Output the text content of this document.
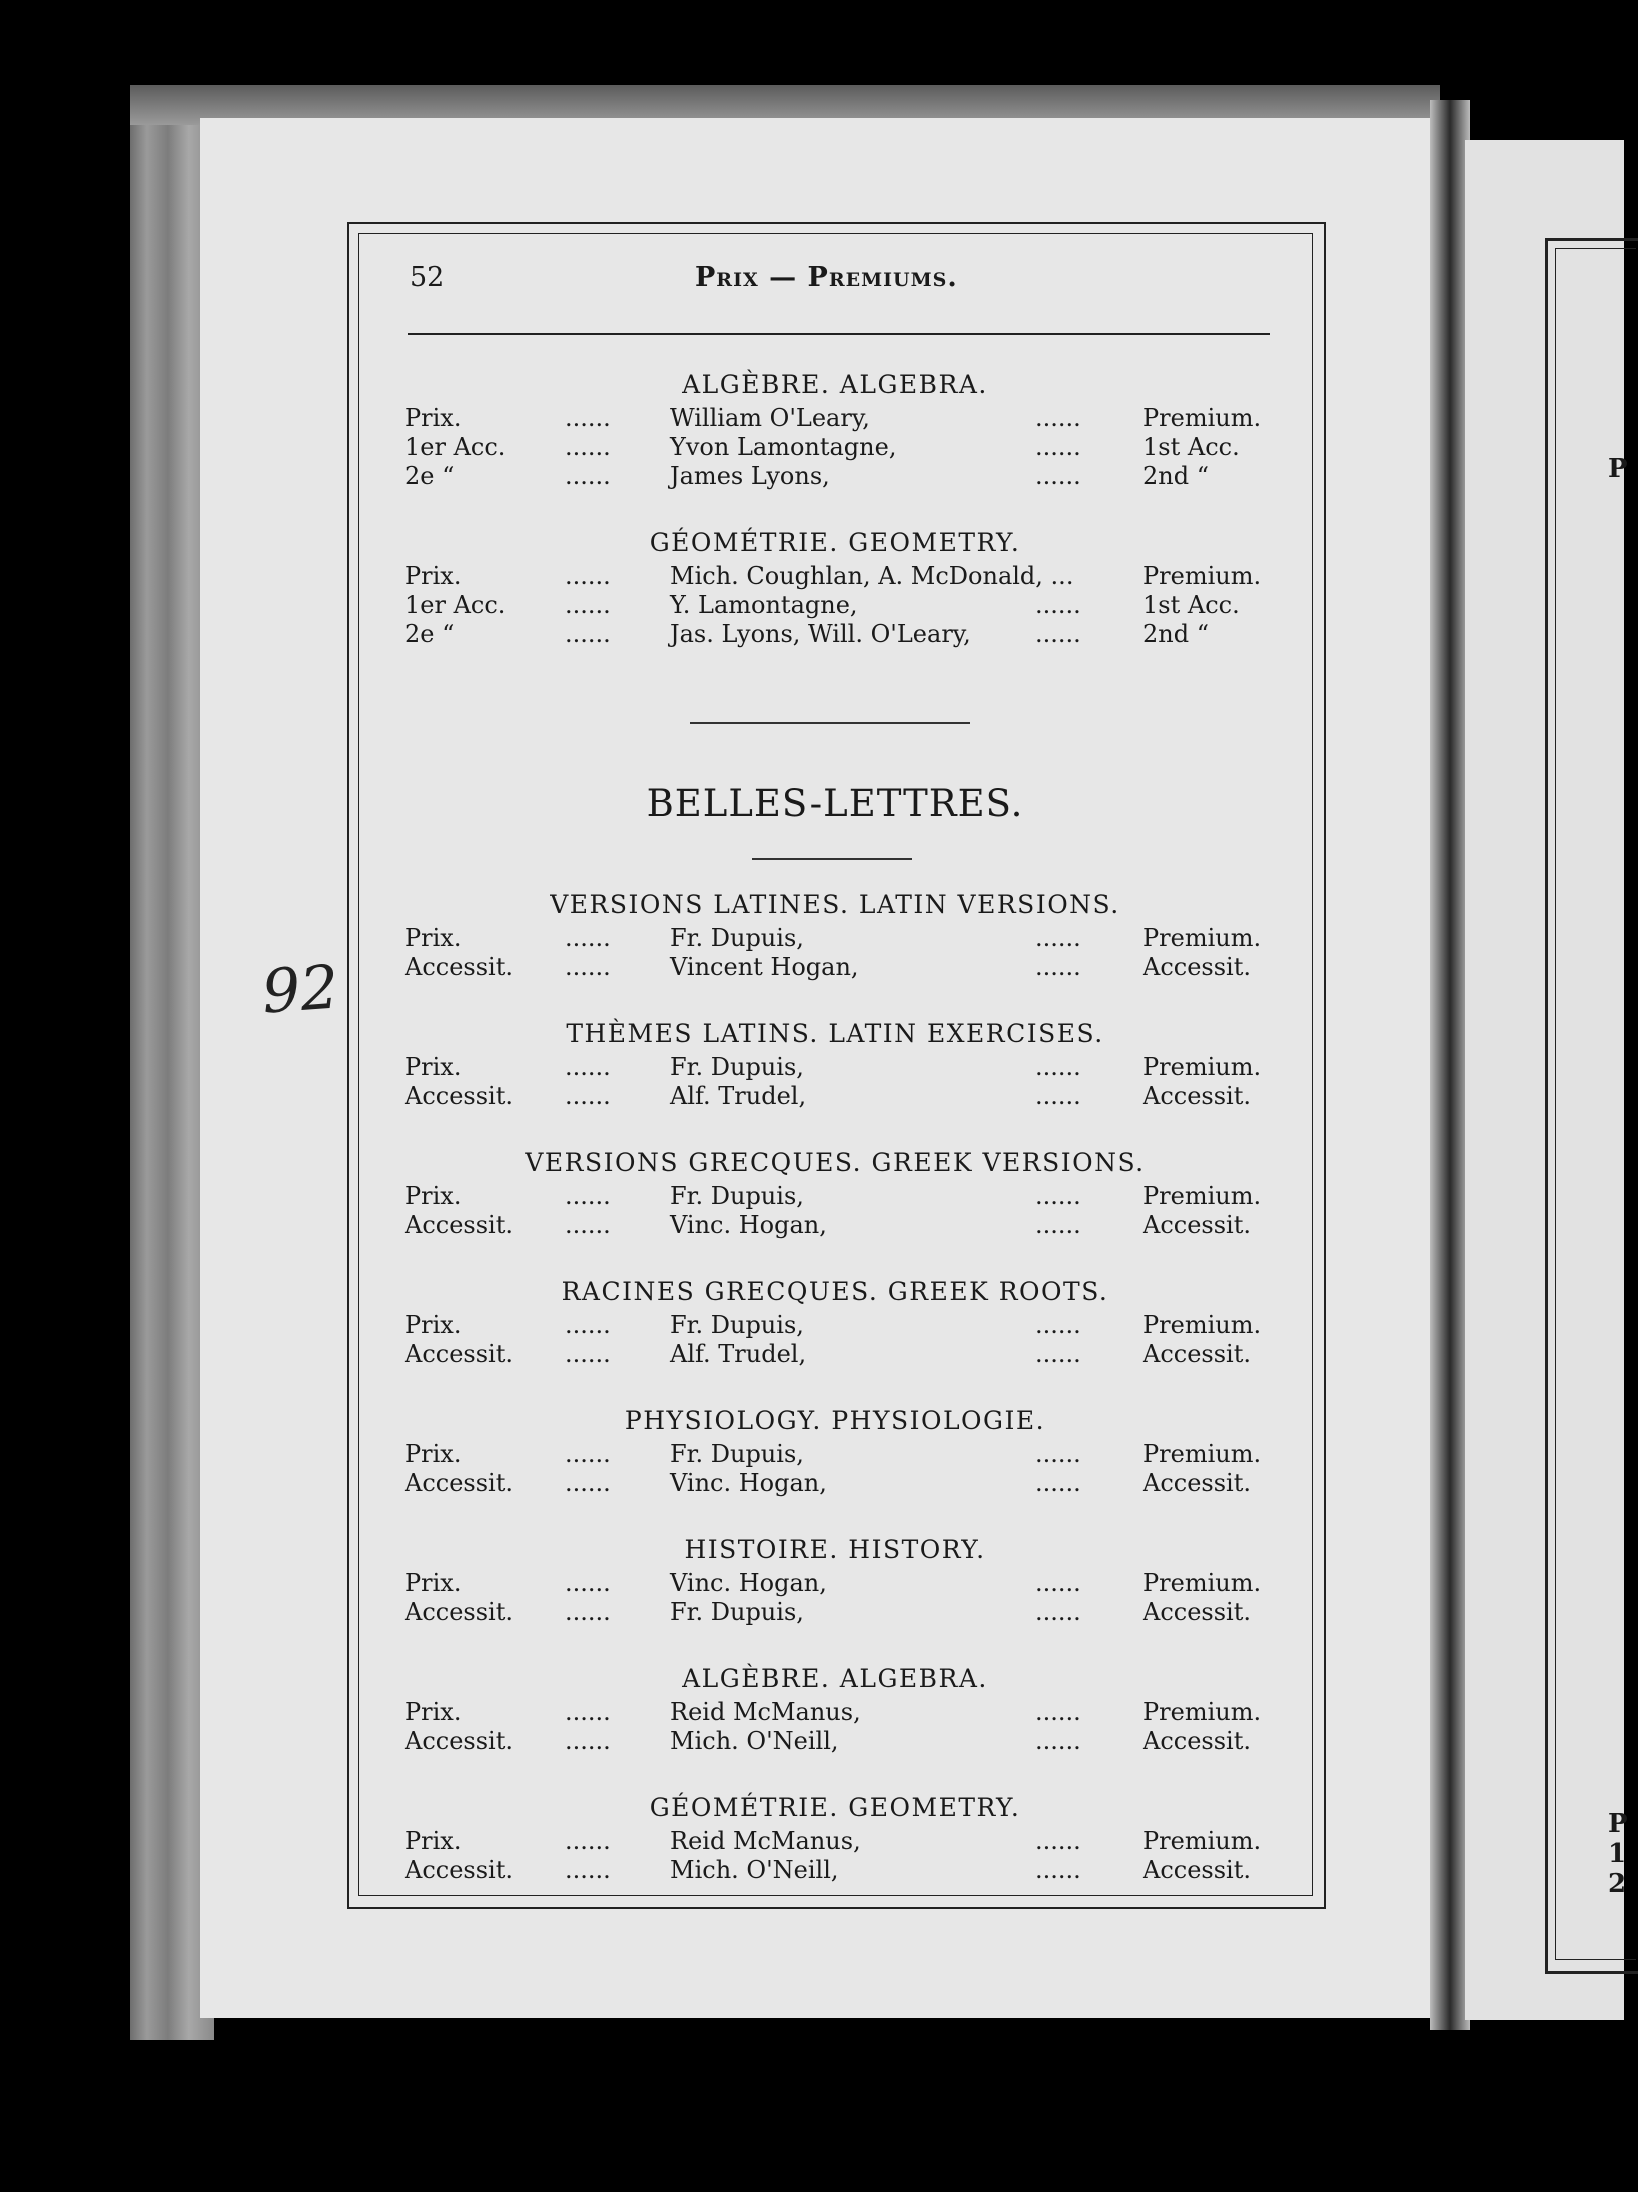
P
P
1
2
52	Prix — Premiums.
92
ALGÈBRE. ALGEBRA.
Prix.	...... William O'Leary,	......	Premium.
1er Acc. ...... Yvon Lamontagne,	......	1st Acc.
2e “	...... James Lyons,	......	2nd “
GÉOMÉTRIE. GEOMETRY.
Prix.	...... Mich. Coughlan, A. McDonald, ...	Premium.
1er Acc. ...... Y. Lamontagne,	......	1st Acc.
2e “	...... Jas. Lyons, Will. O'Leary,	......	2nd “
BELLES-LETTRES.
VERSIONS LATINES. LATIN VERSIONS.
Prix.	...... Fr. Dupuis,	......	Premium.
Accessit. ...... Vincent Hogan,	......	Accessit.
THÈMES LATINS. LATIN EXERCISES.
Prix.	...... Fr. Dupuis,	......	Premium.
Accessit. ...... Alf. Trudel,	......	Accessit.
VERSIONS GRECQUES. GREEK VERSIONS.
Prix.	...... Fr. Dupuis,	......	Premium.
Accessit. ...... Vinc. Hogan,	......	Accessit.
RACINES GRECQUES. GREEK ROOTS.
Prix.	...... Fr. Dupuis,	......	Premium.
Accessit. ...... Alf. Trudel,	......	Accessit.
PHYSIOLOGY. PHYSIOLOGIE.
Prix.	...... Fr. Dupuis,	......	Premium.
Accessit. ...... Vinc. Hogan,	......	Accessit.
HISTOIRE. HISTORY.
Prix.	...... Vinc. Hogan,	......	Premium.
Accessit. ...... Fr. Dupuis,	......	Accessit.
ALGÈBRE. ALGEBRA.
Prix.	...... Reid McManus,	......	Premium.
Accessit. ...... Mich. O'Neill,	......	Accessit.
GÉOMÉTRIE. GEOMETRY.
Prix.	...... Reid McManus,	......	Premium.
Accessit. ...... Mich. O'Neill,	......	Accessit.
